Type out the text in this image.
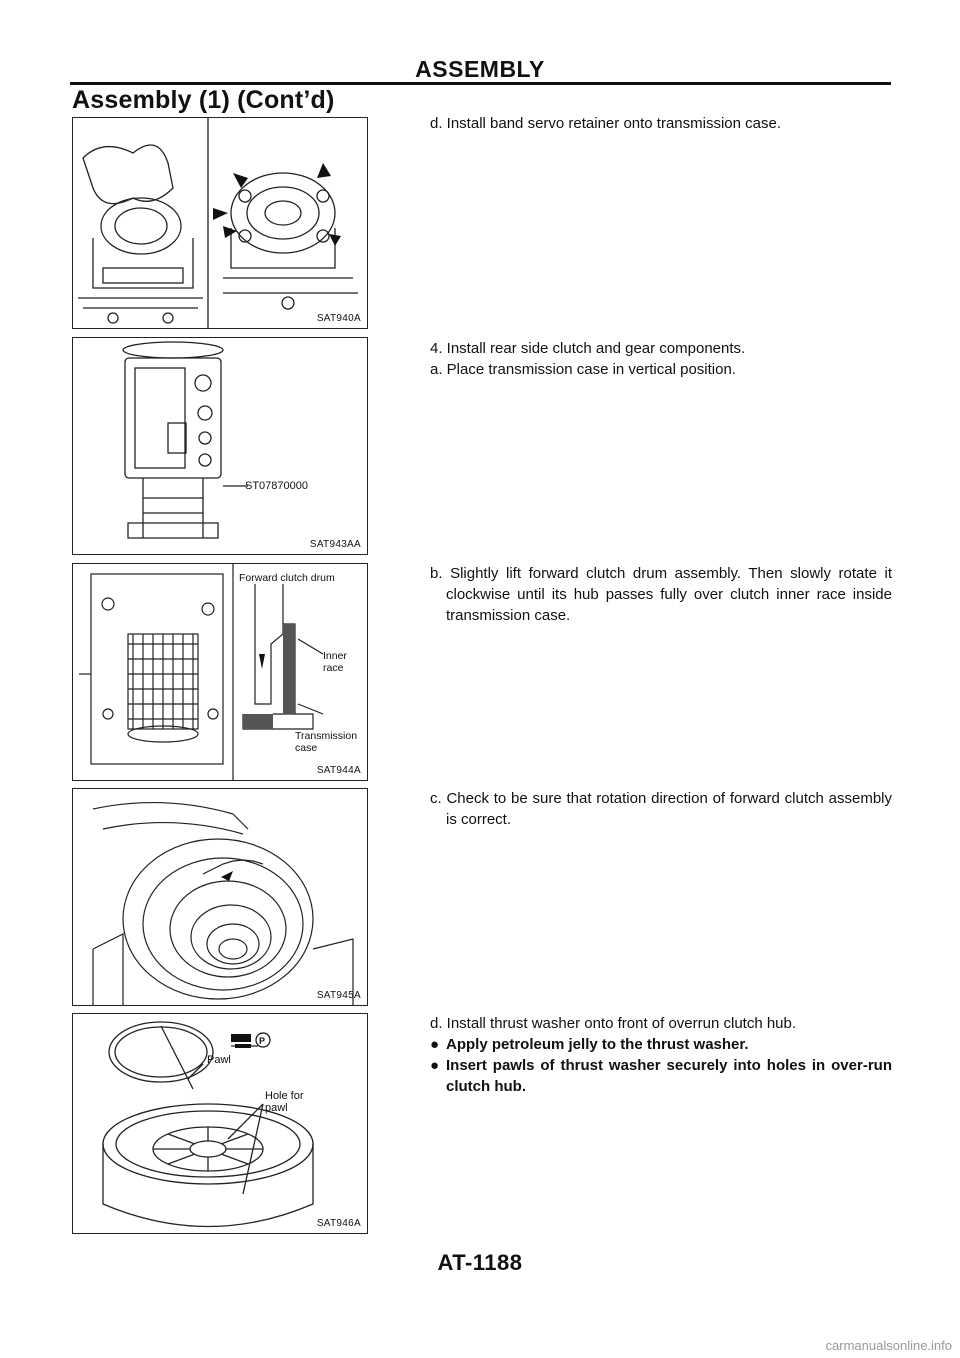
ASSEMBLY
Assembly (1) (Cont’d)
SAT940A
ST07870000
SAT943AA
Forward clutch drum
Inner race
Transmission case
SAT944A
SAT945A
P
Pawl
Hole for pawl
SAT946A

d. Install band servo retainer onto transmission case.

4. Install rear side clutch and gear components.

a. Place transmission case in vertical position.

b. Slightly lift forward clutch drum assembly. Then slowly rotate it clockwise until its hub passes fully over clutch inner race inside transmission case.

c. Check to be sure that rotation direction of forward clutch assembly is correct.

d. Install thrust washer onto front of overrun clutch hub.

● Apply petroleum jelly to the thrust washer.

● Insert pawls of thrust washer securely into holes in over-run clutch hub.

AT-1188
carmanualsonline.info
